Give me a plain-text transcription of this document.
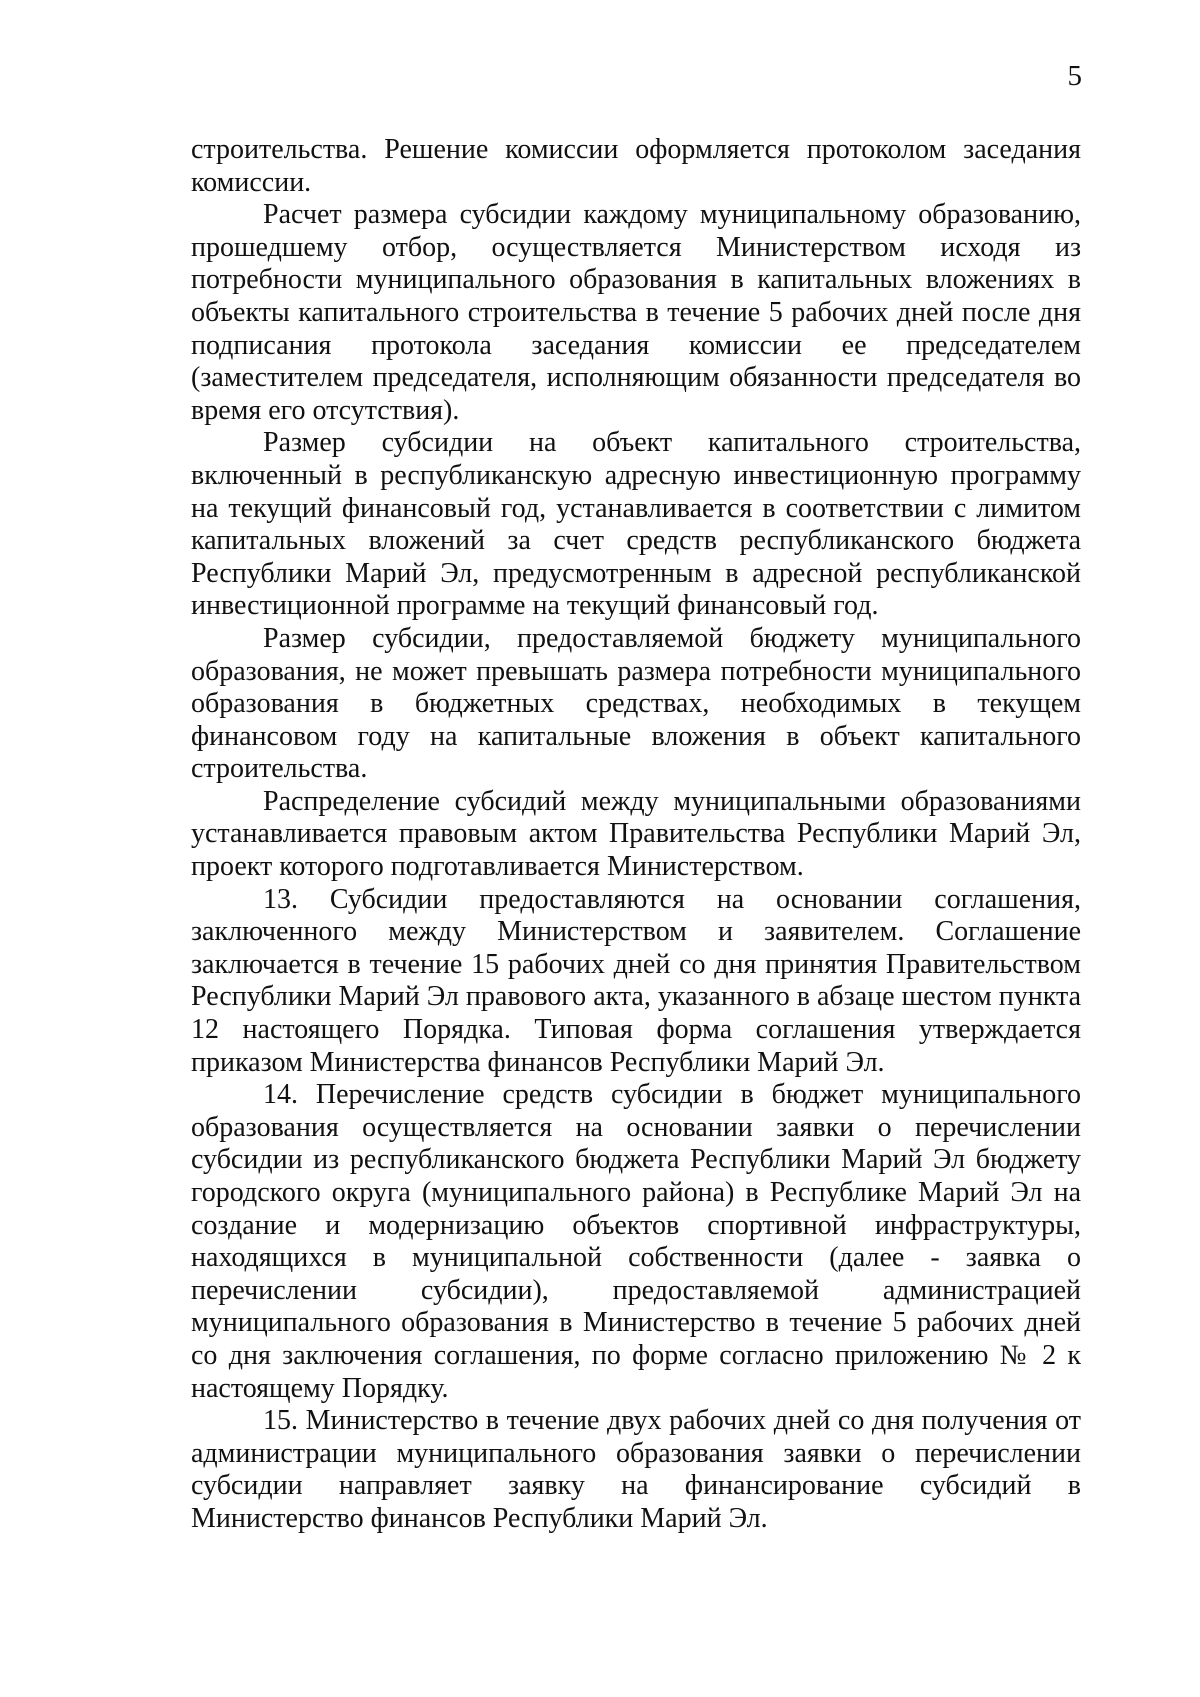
5

строительства. Решение комиссии оформляется протоколом заседания комиссии.

Расчет размера субсидии каждому муниципальному образованию, прошедшему отбор, осуществляется Министерством исходя из потребности муниципального образования в капитальных вложениях в объекты капитального строительства в течение 5 рабочих дней после дня подписания протокола заседания комиссии ее председателем (заместителем председателя, исполняющим обязанности председателя во время его отсутствия).

Размер субсидии на объект капитального строительства, включенный в республиканскую адресную инвестиционную программу на текущий финансовый год, устанавливается в соответствии с лимитом капитальных вложений за счет средств республиканского бюджета Республики Марий Эл, предусмотренным в адресной республиканской инвестиционной программе на текущий финансовый год.

Размер субсидии, предоставляемой бюджету муниципального образования, не может превышать размера потребности муниципального образования в бюджетных средствах, необходимых в текущем финансовом году на капитальные вложения в объект капитального строительства.

Распределение субсидий между муниципальными образованиями устанавливается правовым актом Правительства Республики Марий Эл, проект которого подготавливается Министерством.

13. Субсидии предоставляются на основании соглашения, заключенного между Министерством и заявителем. Соглашение заключается в течение 15 рабочих дней со дня принятия Правительством Республики Марий Эл правового акта, указанного в абзаце шестом пункта 12 настоящего Порядка. Типовая форма соглашения утверждается приказом Министерства финансов Республики Марий Эл.

14. Перечисление средств субсидии в бюджет муниципального образования осуществляется на основании заявки о перечислении субсидии из республиканского бюджета Республики Марий Эл бюджету городского округа (муниципального района) в Республике Марий Эл на создание и модернизацию объектов спортивной инфраструктуры, находящихся в муниципальной собственности (далее - заявка о перечислении субсидии), предоставляемой администрацией муниципального образования в Министерство в течение 5 рабочих дней со дня заключения соглашения, по форме согласно приложению № 2 к настоящему Порядку.

15. Министерство в течение двух рабочих дней со дня получения от администрации муниципального образования заявки о перечислении субсидии направляет заявку на финансирование субсидий в Министерство финансов Республики Марий Эл.
